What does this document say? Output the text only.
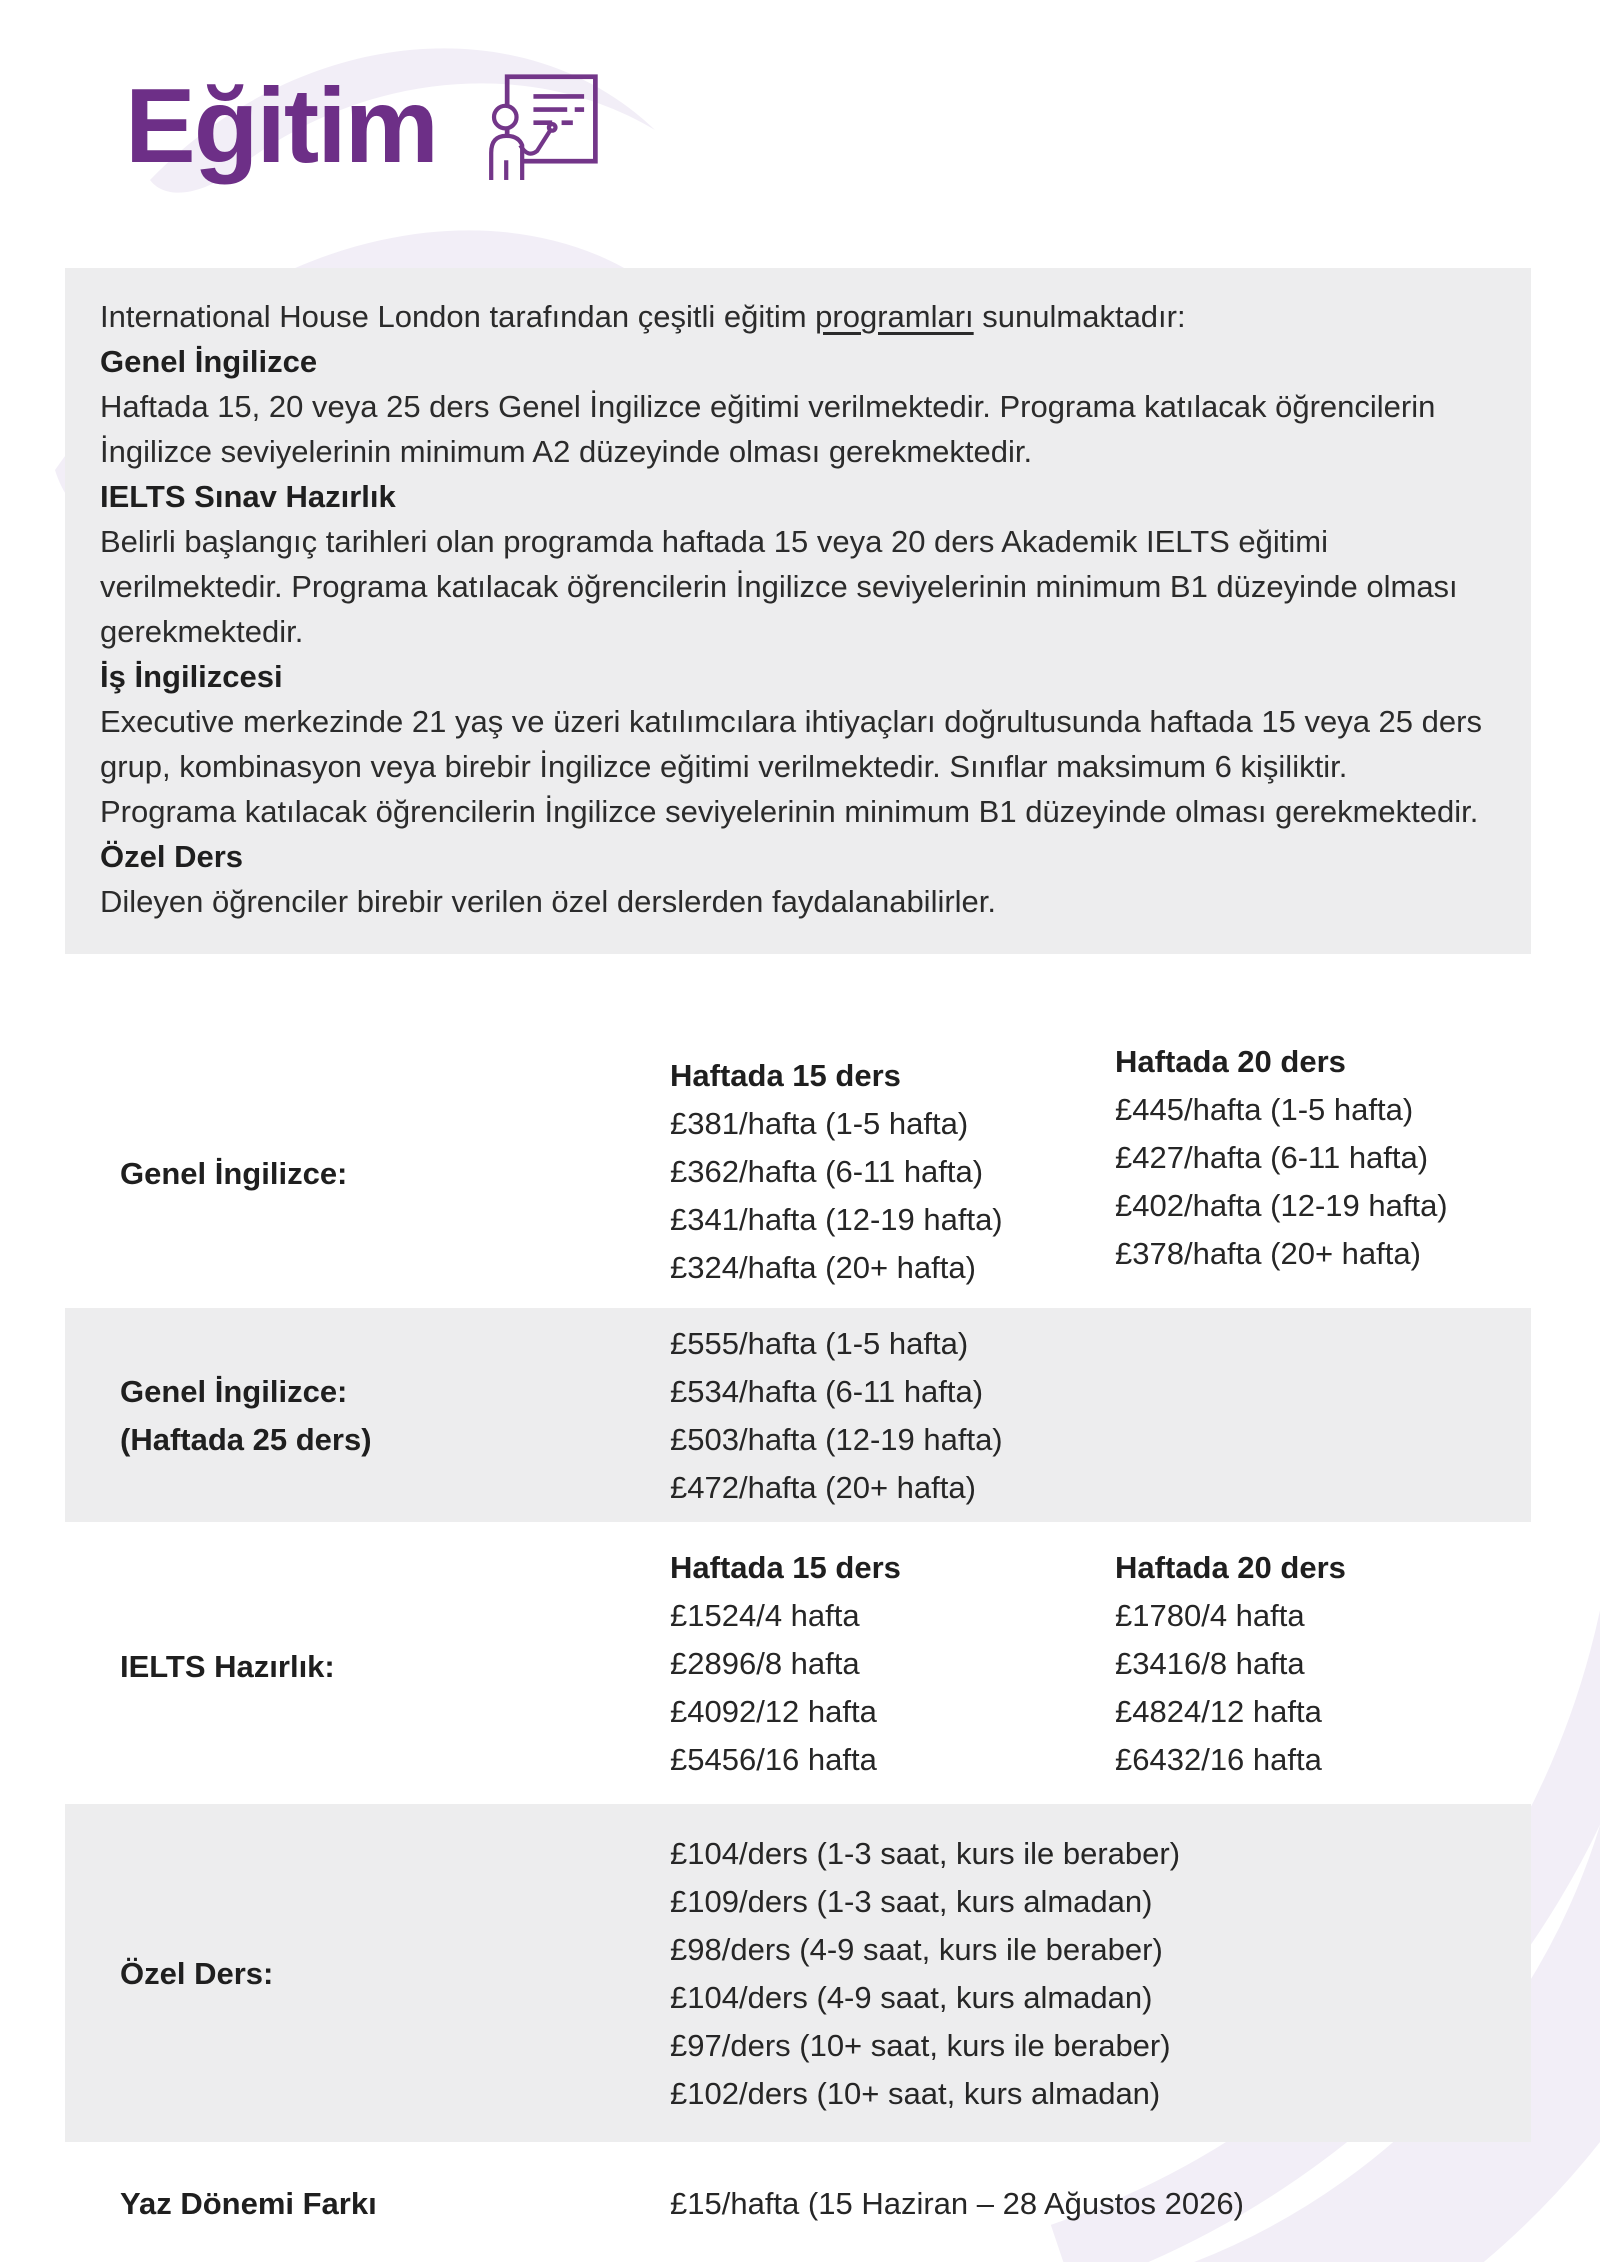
Eğitim

International House London tarafından çeşitli eğitim programları sunulmaktadır:

Genel İngilizce

Haftada 15, 20 veya 25 ders Genel İngilizce eğitimi verilmektedir. Programa katılacak öğrencilerin İngilizce seviyelerinin minimum A2 düzeyinde olması gerekmektedir.

IELTS Sınav Hazırlık

Belirli başlangıç tarihleri olan programda haftada 15 veya 20 ders Akademik IELTS eğitimi verilmektedir. Programa katılacak öğrencilerin İngilizce seviyelerinin minimum B1 düzeyinde olması gerekmektedir.

İş İngilizcesi

Executive merkezinde 21 yaş ve üzeri katılımcılara ihtiyaçları doğrultusunda haftada 15 veya 25 ders grup, kombinasyon veya birebir İngilizce eğitimi verilmektedir. Sınıflar maksimum 6 kişiliktir. Programa katılacak öğrencilerin İngilizce seviyelerinin minimum B1 düzeyinde olması gerekmektedir.

Özel Ders

Dileyen öğrenciler birebir verilen özel derslerden faydalanabilirler.

Genel İngilizce:
Haftada 15 ders
£381/hafta (1-5 hafta)
£362/hafta (6-11 hafta)
£341/hafta (12-19 hafta)
£324/hafta (20+ hafta)
Haftada 20 ders
£445/hafta (1-5 hafta)
£427/hafta (6-11 hafta)
£402/hafta (12-19 hafta)
£378/hafta (20+ hafta)
Genel İngilizce:
(Haftada 25 ders)
£555/hafta (1-5 hafta)
£534/hafta (6-11 hafta)
£503/hafta (12-19 hafta)
£472/hafta (20+ hafta)
IELTS Hazırlık:
Haftada 15 ders
£1524/4 hafta
£2896/8 hafta
£4092/12 hafta
£5456/16 hafta
Haftada 20 ders
£1780/4 hafta
£3416/8 hafta
£4824/12 hafta
£6432/16 hafta
Özel Ders:
£104/ders (1-3 saat, kurs ile beraber)
£109/ders (1-3 saat, kurs almadan)
£98/ders (4-9 saat, kurs ile beraber)
£104/ders (4-9 saat, kurs almadan)
£97/ders (10+ saat, kurs ile beraber)
£102/ders (10+ saat, kurs almadan)
Yaz Dönemi Farkı	£15/hafta (15 Haziran – 28 Ağustos 2026)
